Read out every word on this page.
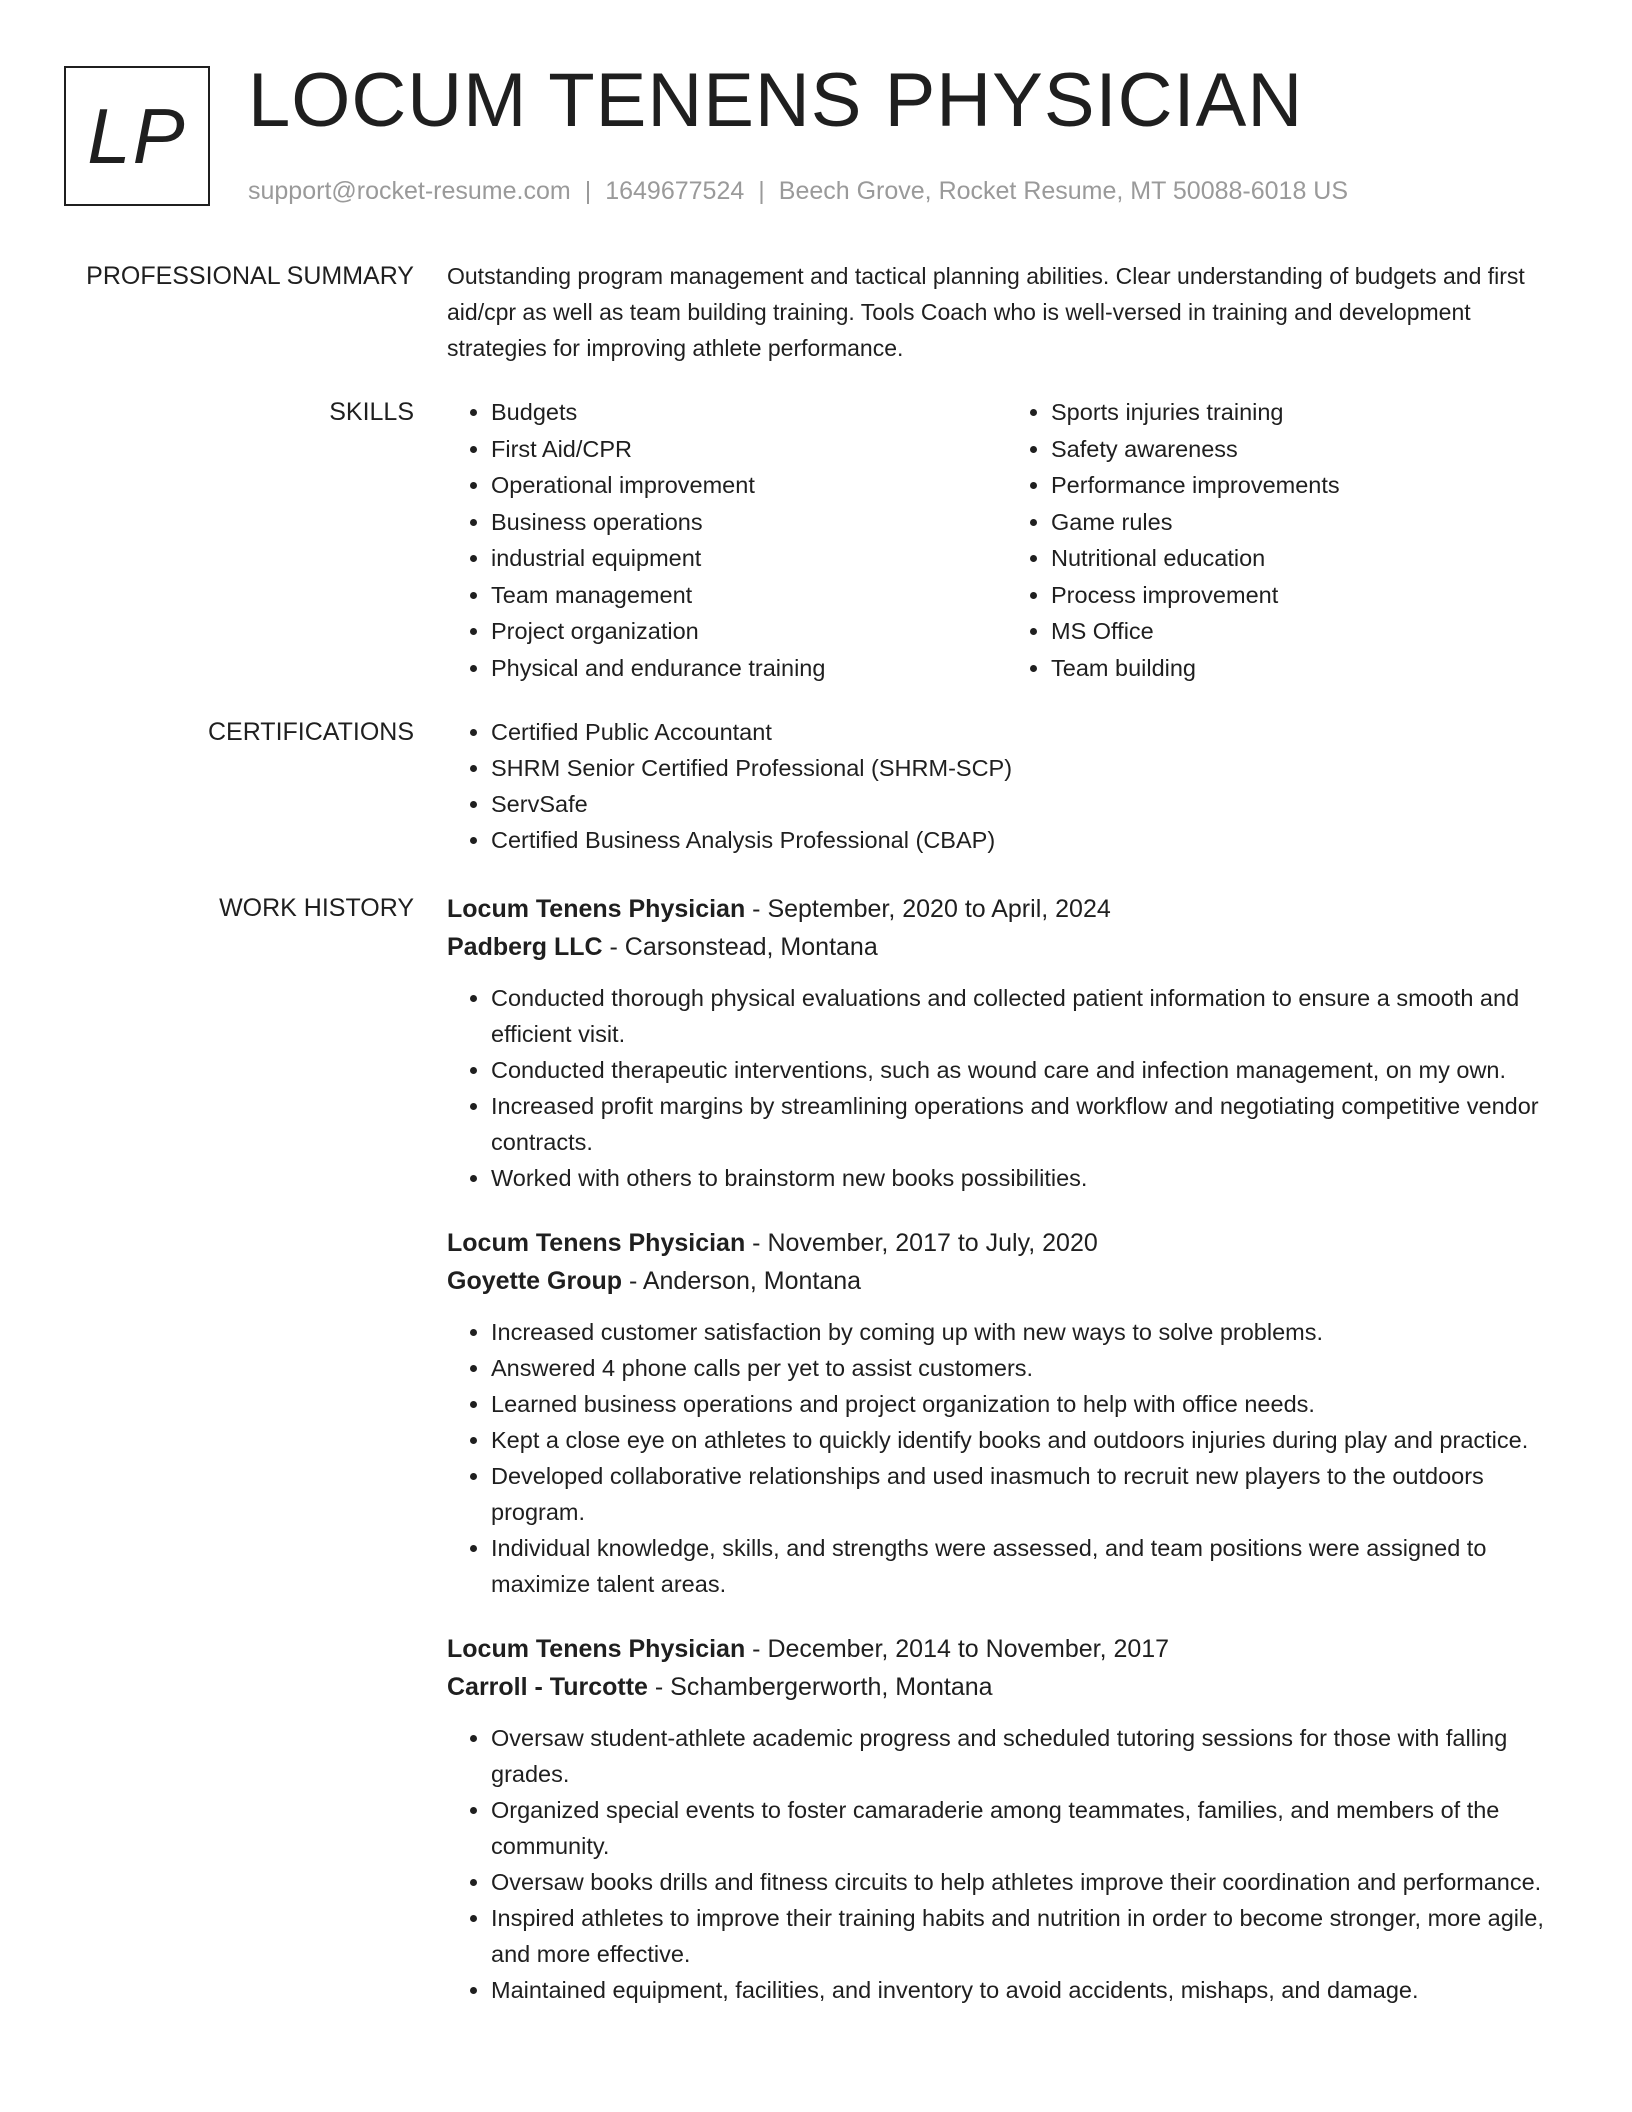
LP LOCUM TENENS PHYSICIAN
support@rocket-resume.com | 1649677524 | Beech Grove, Rocket Resume, MT 50088-6018 US
PROFESSIONAL SUMMARY Outstanding program management and tactical planning abilities. Clear understanding of budgets and first aid/cpr as well as team building training. Tools Coach who is well-versed in training and development strategies for improving athlete performance.
SKILLS	• Budgets
• First Aid/CPR
• Operational improvement
• Business operations
• industrial equipment
• Team management
• Project organization
• Physical and endurance training
• Sports injuries training
• Safety awareness
• Performance improvements
• Game rules
• Nutritional education
• Process improvement
• MS Office
• Team building
CERTIFICATIONS	• Certified Public Accountant
• SHRM Senior Certified Professional (SHRM-SCP)
• ServSafe
• Certified Business Analysis Professional (CBAP)
WORK HISTORY Locum Tenens Physician - September, 2020 to April, 2024
Padberg LLC - Carsonstead, Montana
• Conducted thorough physical evaluations and collected patient information to ensure a smooth and efficient visit.
• Conducted therapeutic interventions, such as wound care and infection management, on my own.
• Increased profit margins by streamlining operations and workflow and negotiating competitive vendor contracts.
• Worked with others to brainstorm new books possibilities.
Locum Tenens Physician - November, 2017 to July, 2020
Goyette Group - Anderson, Montana
• Increased customer satisfaction by coming up with new ways to solve problems.
• Answered 4 phone calls per yet to assist customers.
• Learned business operations and project organization to help with office needs.
• Kept a close eye on athletes to quickly identify books and outdoors injuries during play and practice.
• Developed collaborative relationships and used inasmuch to recruit new players to the outdoors program.
• Individual knowledge, skills, and strengths were assessed, and team positions were assigned to maximize talent areas.
Locum Tenens Physician - December, 2014 to November, 2017
Carroll - Turcotte - Schambergerworth, Montana
• Oversaw student-athlete academic progress and scheduled tutoring sessions for those with falling grades.
• Organized special events to foster camaraderie among teammates, families, and members of the community.
• Oversaw books drills and fitness circuits to help athletes improve their coordination and performance.
• Inspired athletes to improve their training habits and nutrition in order to become stronger, more agile, and more effective.
• Maintained equipment, facilities, and inventory to avoid accidents, mishaps, and damage.
